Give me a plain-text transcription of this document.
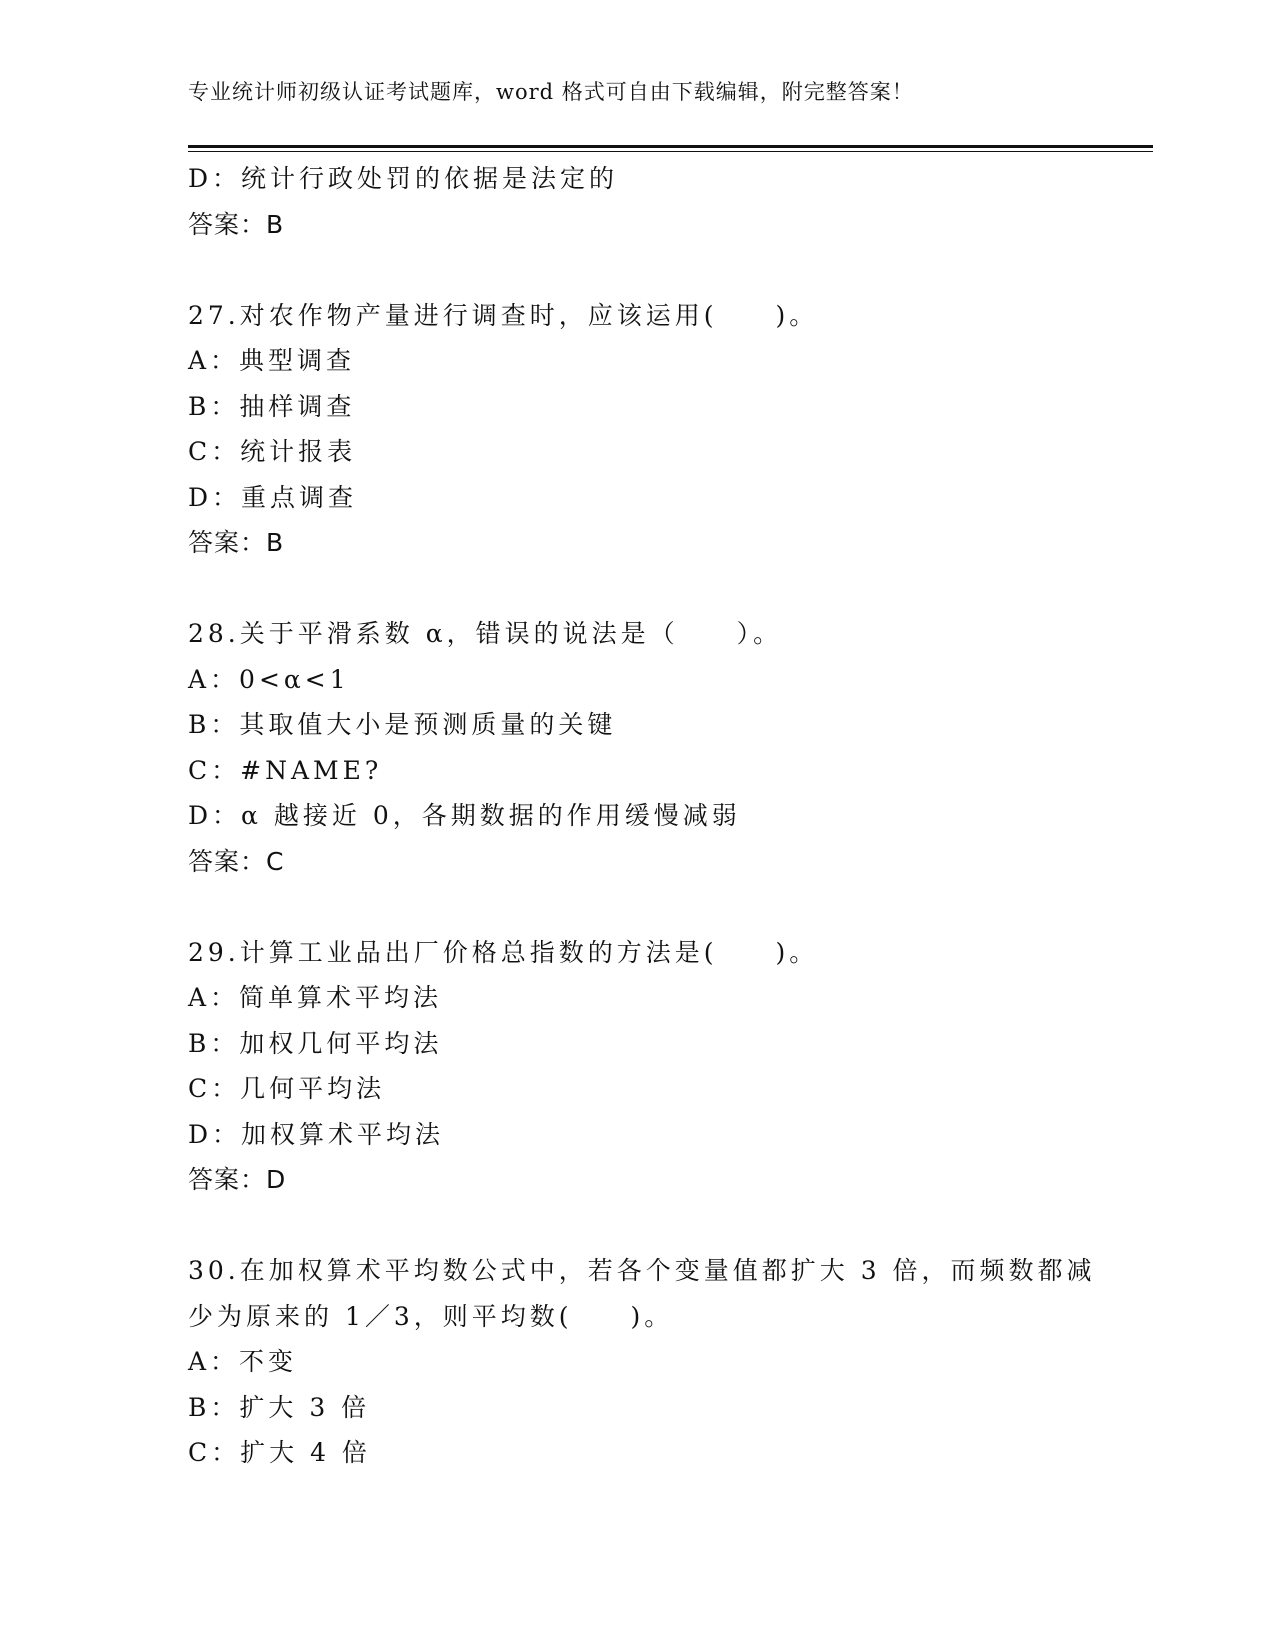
专业统计师初级认证考试题库，word 格式可自由下载编辑，附完整答案！
D：统计行政处罚的依据是法定的
答案：B
27.对农作物产量进行调查时，应该运用(　　)。
A：典型调查
B：抽样调查
C：统计报表
D：重点调查
答案：B
28.关于平滑系数 α，错误的说法是（　　）。
A：0<α<1
B：其取值大小是预测质量的关键
C：#NAME?
D：α 越接近 0，各期数据的作用缓慢减弱
答案：C
29.计算工业品出厂价格总指数的方法是(　　)。
A：简单算术平均法
B：加权几何平均法
C：几何平均法
D：加权算术平均法
答案：D
30.在加权算术平均数公式中，若各个变量值都扩大 3 倍，而频数都减
少为原来的 1／3，则平均数(　　)。
A：不变
B：扩大 3 倍
C：扩大 4 倍
